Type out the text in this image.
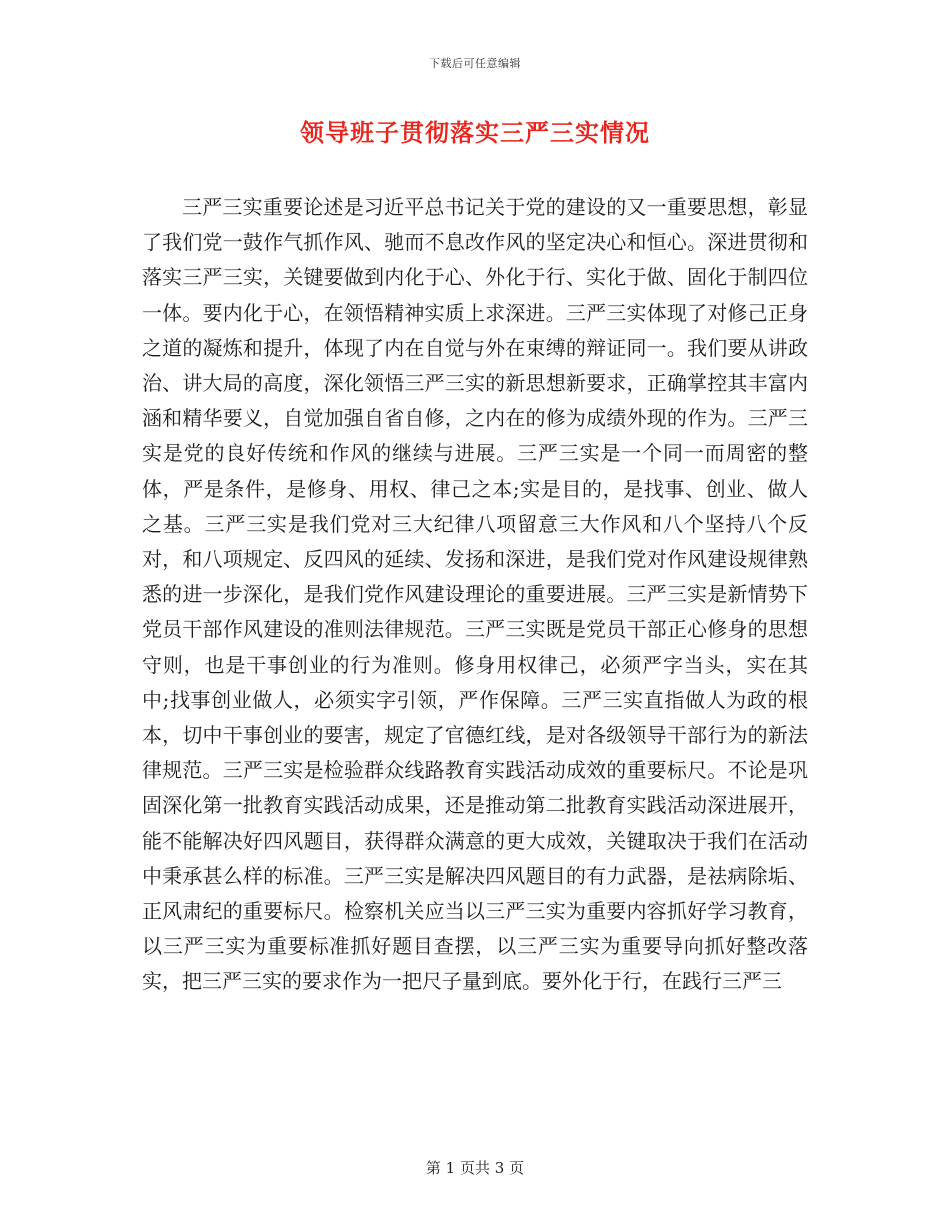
下载后可任意编辑
领导班子贯彻落实三严三实情况

三严三实重要论述是习近平总书记关于党的建设的又一重要思想，彰显了我们党一鼓作气抓作风、驰而不息改作风的坚定决心和恒心。深进贯彻和落实三严三实，关键要做到内化于心、外化于行、实化于做、固化于制四位一体。要内化于心，在领悟精神实质上求深进。三严三实体现了对修己正身之道的凝炼和提升，体现了内在自觉与外在束缚的辩证同一。我们要从讲政治、讲大局的高度，深化领悟三严三实的新思想新要求，正确掌控其丰富内涵和精华要义，自觉加强自省自修，之内在的修为成绩外现的作为。三严三实是党的良好传统和作风的继续与进展。三严三实是一个同一而周密的整体，严是条件，是修身、用权、律己之本;实是目的，是找事、创业、做人之基。三严三实是我们党对三大纪律八项留意三大作风和八个坚持八个反对，和八项规定、反四风的延续、发扬和深进，是我们党对作风建设规律熟悉的进一步深化，是我们党作风建设理论的重要进展。三严三实是新情势下党员干部作风建设的准则法律规范。三严三实既是党员干部正心修身的思想守则，也是干事创业的行为准则。修身用权律己，必须严字当头，实在其中;找事创业做人，必须实字引领，严作保障。三严三实直指做人为政的根本，切中干事创业的要害，规定了官德红线，是对各级领导干部行为的新法律规范。三严三实是检验群众线路教育实践活动成效的重要标尺。不论是巩固深化第一批教育实践活动成果，还是推动第二批教育实践活动深进展开，能不能解决好四风题目，获得群众满意的更大成效，关键取决于我们在活动中秉承甚么样的标准。三严三实是解决四风题目的有力武器，是祛病除垢、正风肃纪的重要标尺。检察机关应当以三严三实为重要内容抓好学习教育，以三严三实为重要标准抓好题目查摆，以三严三实为重要导向抓好整改落实，把三严三实的要求作为一把尺子量到底。要外化于行，在践行三严三

第 1 页共 3 页
